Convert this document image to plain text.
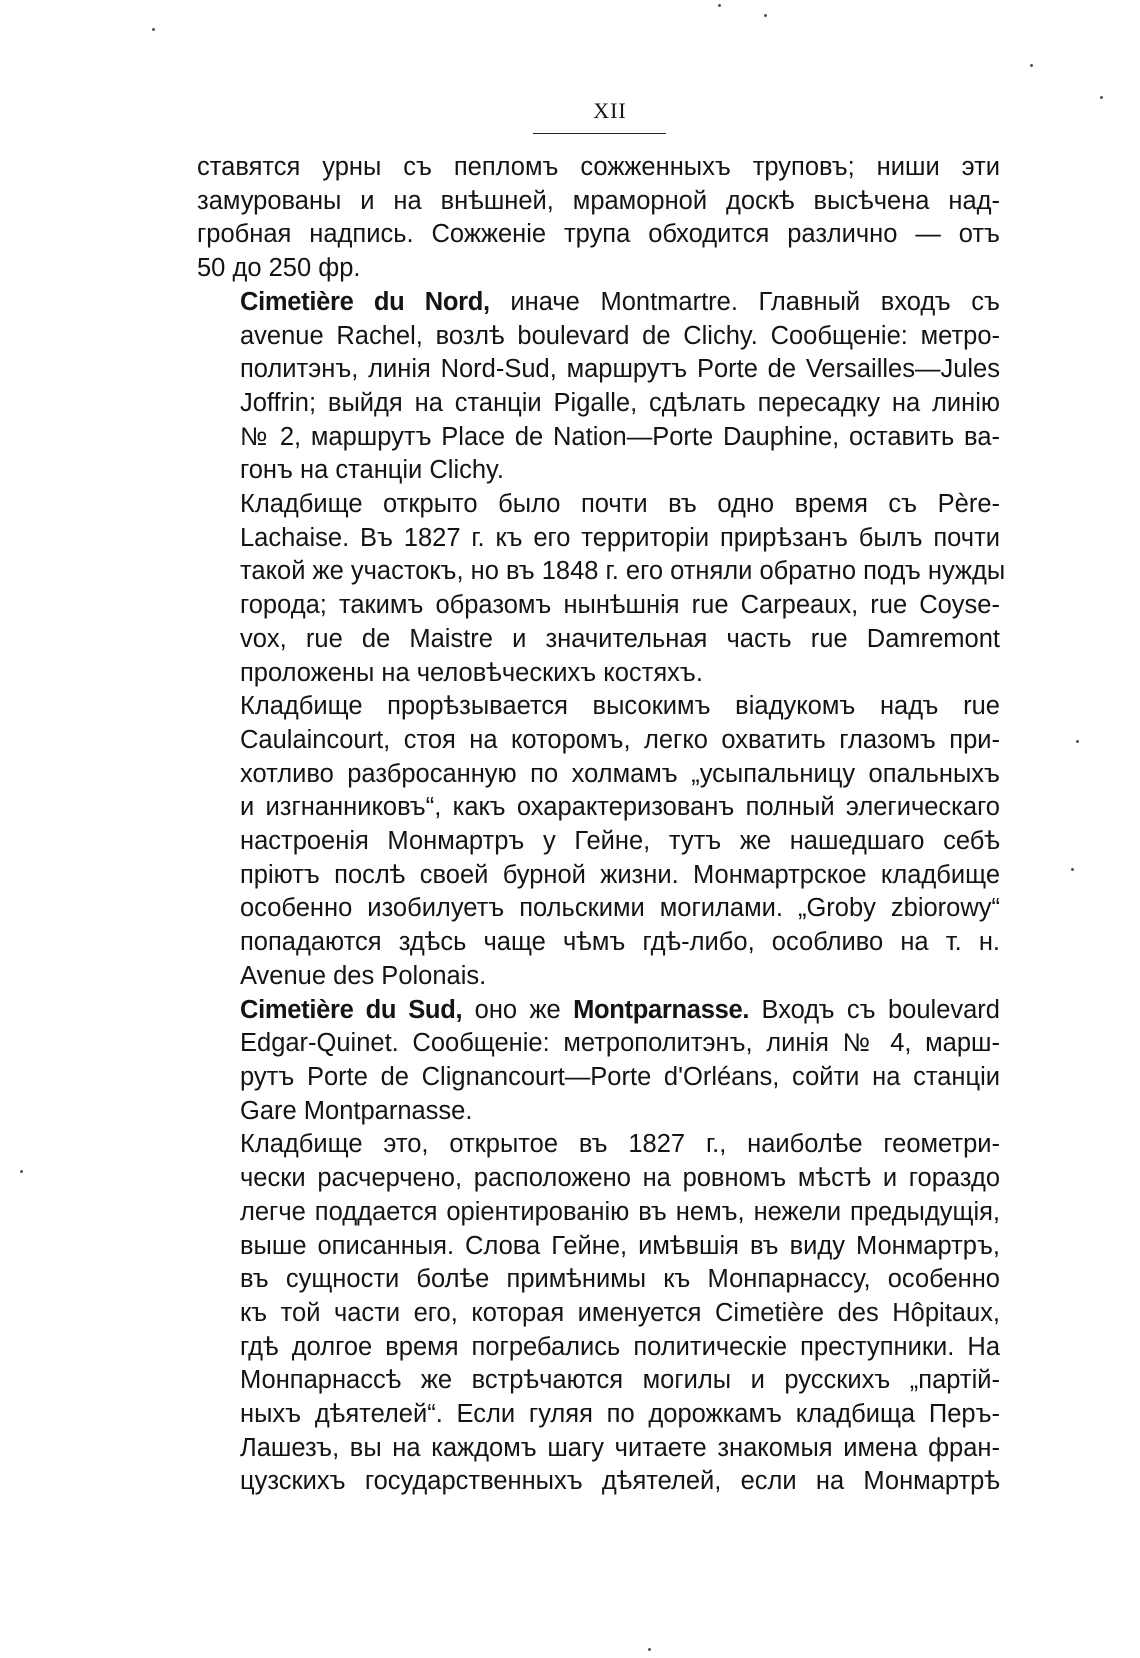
XII

ставятся урны съ пепломъ сожженныхъ труповъ; ниши эти
замурованы и на внѣшней, мраморной доскѣ высѣчена над-
гробная надпись. Сожженіе трупа обходится различно — отъ
50 до 250 фр.

Cimetière du Nord, иначе Montmartre. Главный входъ съ
avenue Rachel, возлѣ boulevard de Clichy. Сообщеніе: метро-
политэнъ, линія Nord-Sud, маршрутъ Porte de Versailles—Jules
Joffrin; выйдя на станціи Pigalle, сдѣлать пересадку на линію
№ 2, маршрутъ Place de Nation—Porte Dauphine, оставить ва-
гонъ на станціи Clichy.

Кладбище открыто было почти въ одно время съ Père-
Lachaise. Въ 1827 г. къ его территоріи прирѣзанъ былъ почти
такой же участокъ, но въ 1848 г. его отняли обратно подъ нужды
города; такимъ образомъ нынѣшнія rue Carpeaux, rue Coyse-
vox, rue de Maistre и значительная часть rue Damremont
проложены на человѣческихъ костяхъ.

Кладбище прорѣзывается высокимъ віадукомъ надъ rue
Caulaincourt, стоя на которомъ, легко охватить глазомъ при-
хотливо разбросанную по холмамъ „усыпальницу опальныхъ
и изгнанниковъ“, какъ охарактеризованъ полный элегическаго
настроенія Монмартръ у Гейне, тутъ же нашедшаго себѣ
пріютъ послѣ своей бурной жизни. Монмартрское кладбище
особенно изобилуетъ польскими могилами. „Groby zbiorowy“
попадаются здѣсь чаще чѣмъ гдѣ-либо, особливо на т. н.
Avenue des Polonais.

Cimetière du Sud, оно же Montparnasse. Входъ съ boulevard
Edgar-Quinet. Сообщеніе: метрополитэнъ, линія № 4, марш-
рутъ Porte de Clignancourt—Porte d'Orléans, сойти на станціи
Gare Montparnasse.

Кладбище это, открытое въ 1827 г., наиболѣе геометри-
чески расчерчено, расположено на ровномъ мѣстѣ и гораздо
легче поддается оріентированію въ немъ, нежели предыдущія,
выше описанныя. Слова Гейне, имѣвшія въ виду Монмартръ,
въ сущности болѣе примѣнимы къ Монпарнассу, особенно
къ той части его, которая именуется Cimetière des Hôpitaux,
гдѣ долгое время погребались политическіе преступники. На
Монпарнассѣ же встрѣчаются могилы и русскихъ „партій-
ныхъ дѣятелей“. Если гуляя по дорожкамъ кладбища Перъ-
Лашезъ, вы на каждомъ шагу читаете знакомыя имена фран-
цузскихъ государственныхъ дѣятелей, если на Монмартрѣ
